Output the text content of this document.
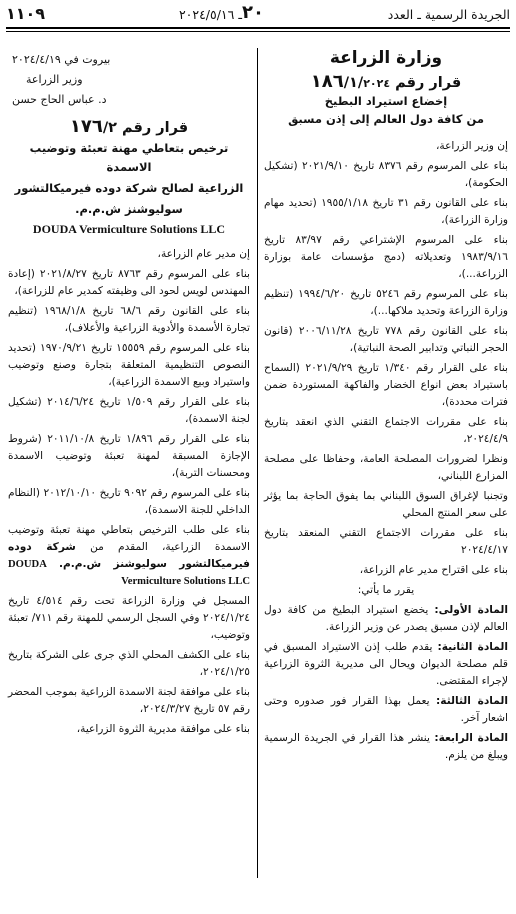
الجريدة الرسمية ـ العدد
٢٠
ـ ٢٠٢٤/٥/١٦
١١٠٩
وزارة الزراعة

قرار رقم ١٨٦/١/٢٠٢٤

إخضاع استيراد البطيخ

من كافة دول العالم إلى إذن مسبق

إن وزير الزراعة،

بناء على المرسوم رقم ٨٣٧٦ تاريخ ٢٠٢١/٩/١٠ (تشكيل الحكومة)،

بناء على القانون رقم ٣١ تاريخ ١٩٥٥/١/١٨ (تحديد مهام وزارة الزراعة)،

بناء على المرسوم الإشتراعي رقم ٨٣/٩٧ تاريخ ١٩٨٣/٩/١٦ وتعديلاته (دمج مؤسسات عامة بوزارة الزراعة...)،

بناء على المرسوم رقم ٥٢٤٦ تاريخ ١٩٩٤/٦/٢٠ (تنظيم وزارة الزراعة وتحديد ملاكها...)،

بناء على القانون رقم ٧٧٨ تاريخ ٢٠٠٦/١١/٢٨ (قانون الحجر النباتي وتدابير الصحة النباتية)،

بناء على القرار رقم ١/٣٤٠ تاريخ ٢٠٢١/٩/٢٩ (السماح باستيراد بعض انواع الخضار والفاكهة المستوردة ضمن فترات محددة)،

بناء على مقررات الاجتماع التقني الذي انعقد بتاريخ ٢٠٢٤/٤/٩،

ونظرا لضرورات المصلحة العامة، وحفاظا على مصلحة المزارع اللبناني،

وتجنبا لإغراق السوق اللبناني بما يفوق الحاجة بما يؤثر على سعر المنتج المحلي

بناء على مقررات الاجتماع التقني المنعقد بتاريخ ٢٠٢٤/٤/١٧

بناء على اقتراح مدير عام الزراعة،

يقرر ما يأتي:

المادة الأولى: يخضع استيراد البطيخ من كافة دول العالم لإذن مسبق يصدر عن وزير الزراعة.

المادة الثانية: يقدم طلب إذن الاستيراد المسبق في قلم مصلحة الديوان ويحال الى مديرية الثروة الزراعية لإجراء المقتضى.

المادة الثالثة: يعمل بهذا القرار فور صدوره وحتى اشعار آخر.

المادة الرابعة: ينشر هذا القرار في الجريدة الرسمية ويبلغ من يلزم.

بيروت في ٢٠٢٤/٤/١٩

وزير الزراعة

د. عباس الحاج حسن

قرار رقم ١٧٦/٢

ترخيص بتعاطي مهنة تعبئة وتوضيب الاسمدة

الزراعية لصالح شركة دوده فيرميكالتشور

سوليوشنز ش.م.م.

DOUDA Vermiculture Solutions LLC

إن مدير عام الزراعة،

بناء على المرسوم رقم ٨٧٦٣ تاريخ ٢٠٢١/٨/٢٧ (إعادة المهندس لويس لحود الى وظيفته كمدير عام للزراعة)،

بناء على القانون رقم ٦٨/٦ تاريخ ١٩٦٨/١/٨ (تنظيم تجارة الأسمدة والأدوية الزراعية والأعلاف)،

بناء على المرسوم رقم ١٥٥٥٩ تاريخ ١٩٧٠/٩/٢١ (تحديد النصوص التنظيمية المتعلقة بتجارة وصنع وتوضيب واستيراد وبيع الاسمدة الزراعية)،

بناء على القرار رقم ١/٥٠٩ تاريخ ٢٠١٤/٦/٢٤ (تشكيل لجنة الاسمدة)،

بناء على القرار رقم ١/٨٩٦ تاريخ ٢٠١١/١٠/٨ (شروط الإجازة المسبقة لمهنة تعبئة وتوضيب الاسمدة ومحسنات التربة)،

بناء على المرسوم رقم ٩٠٩٢ تاريخ ٢٠١٢/١٠/١٠ (النظام الداخلي للجنة الاسمدة)،

بناء على طلب الترخيص بتعاطي مهنة تعبئة وتوضيب الاسمدة الزراعية، المقدم من شركة دوده فيرميكالتشور سوليوشنز ش.م.م. DOUDA Vermiculture Solutions LLC

المسجل في وزارة الزراعة تحت رقم ٤/٥١٤ تاريخ ٢٠٢٤/١/٢٤ وفي السجل الرسمي للمهنة رقم ٧١١/ تعبئة وتوضيب،

بناء على الكشف المحلي الذي جرى على الشركة بتاريخ ٢٠٢٤/١/٢٥،

بناء على موافقة لجنة الاسمدة الزراعية بموجب المحضر رقم ٥٧ تاريخ ٢٠٢٤/٣/٢٧،

بناء على موافقة مديرية الثروة الزراعية،
